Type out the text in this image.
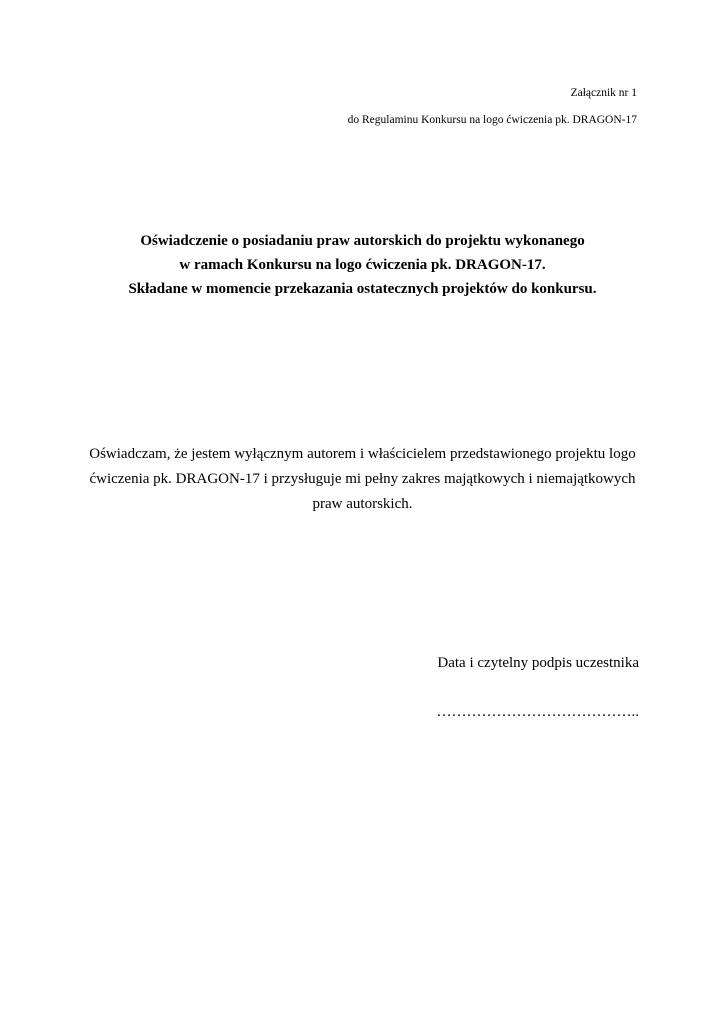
Załącznik nr 1
do Regulaminu Konkursu na logo ćwiczenia pk. DRAGON-17
Oświadczenie o posiadaniu praw autorskich do projektu wykonanego
w ramach Konkursu na logo ćwiczenia pk. DRAGON-17.
Składane w momencie przekazania ostatecznych projektów do konkursu.
Oświadczam, że jestem wyłącznym autorem i właścicielem przedstawionego projektu logo
ćwiczenia pk. DRAGON-17 i przysługuje mi pełny zakres majątkowych i niemajątkowych
praw autorskich.
Data i czytelny podpis uczestnika
…………………………………..
